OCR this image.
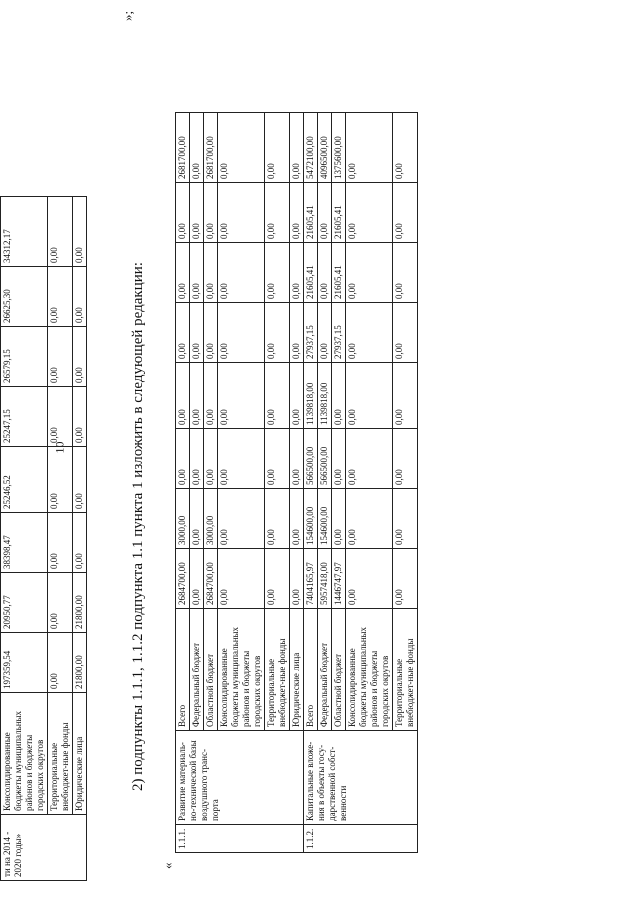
10
ти на 2014 - 2020 годы»	Консолидированные бюджеты муниципальных районов и бюджеты городских округов	197359,54	20950,77	38398,47	25246,52	25247,15	26579,15	26625,30	34312,17
	Территориальные внебюджет-ные фонды	0,00	0,00	0,00	0,00	0,00	0,00	0,00	0,00
	Юридические лица	21800,00	21800,00	0,00	0,00	0,00	0,00	0,00	0,00
»;
2) подпункты 1.1.1, 1.1.2 подпункта 1.1 пункта 1 изложить в следующей редакции:
«
1.1.1.	Развитие материаль-но-технической базы воздушного транс-порта	Всего	2684700,00	3000,00	0,00	0,00	0,00	0,00	0,00	2681700,00
		Федеральный бюджет	0,00	0,00	0,00	0,00	0,00	0,00	0,00	0,00
		Областной бюджет	2684700,00	3000,00	0,00	0,00	0,00	0,00	0,00	2681700,00
		Консолидированные бюджеты муниципальных районов и бюджеты городских округов	0,00	0,00	0,00	0,00	0,00	0,00	0,00	0,00
		Территориальные внебюджет-ные фонды	0,00	0,00	0,00	0,00	0,00	0,00	0,00	0,00
		Юридические лица	0,00	0,00	0,00	0,00	0,00	0,00	0,00	0,00
1.1.2.	Капитальные вложе-ния в объекты госу-дарственной собст-венности	Всего	7404165,97	154600,00	566500,00	1139818,00	27937,15	21605,41	21605,41	5472100,00
		Федеральный бюджет	5957418,00	154600,00	566500,00	1139818,00	0,00	0,00	0,00	4096500,00
		Областной бюджет	1446747,97	0,00	0,00	0,00	27937,15	21605,41	21605,41	1375600,00
		Консолидированные бюджеты муниципальных районов и бюджеты городских округов	0,00	0,00	0,00	0,00	0,00	0,00	0,00	0,00
		Территориальные внебюджет-ные фонды	0,00	0,00	0,00	0,00	0,00	0,00	0,00	0,00
